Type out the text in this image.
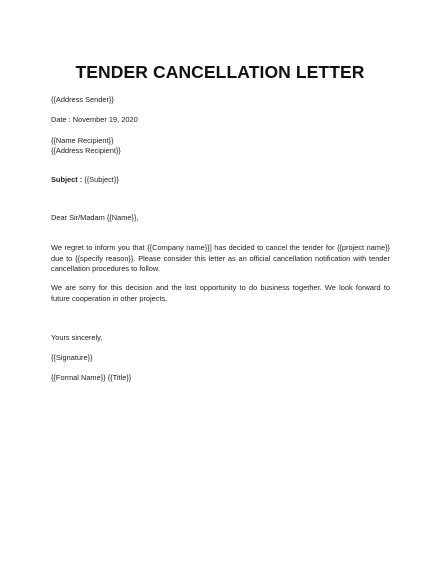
TENDER CANCELLATION LETTER

{{Address Sender}}

Date : November 19, 2020

{{Name Recipient}}

{{Address Recipient}}

Subject : {{Subject}}

Dear Sir/Madam {{Name}},

We regret to inform you that {{Company name}}] has decided to cancel the tender for {{project name}} due to {{specify reason}}. Please consider this letter as an official cancellation notification with tender cancellation procedures to follow.

We are sorry for this decision and the lost opportunity to do business together. We look forward to future cooperation in other projects.

Yours sincerely,

{{Signature}}

{{Formal Name}} {{Title}}
